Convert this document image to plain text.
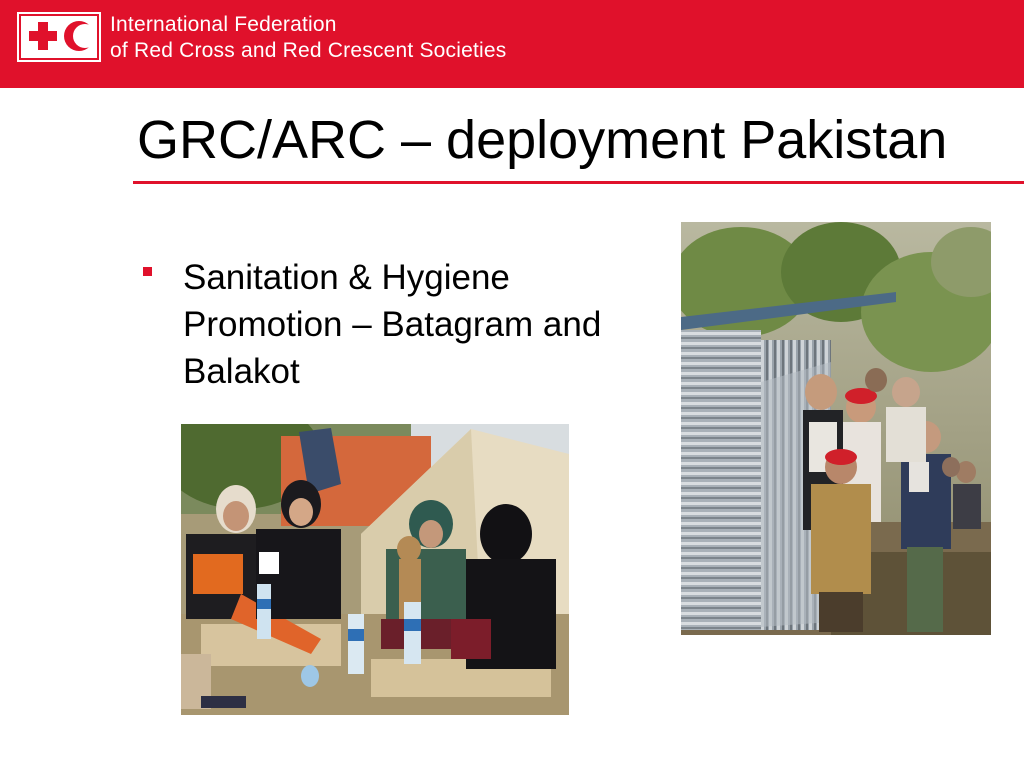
International Federation
of Red Cross and Red Crescent Societies
GRC/ARC – deployment Pakistan
Sanitation & Hygiene Promotion – Batagram and Balakot
